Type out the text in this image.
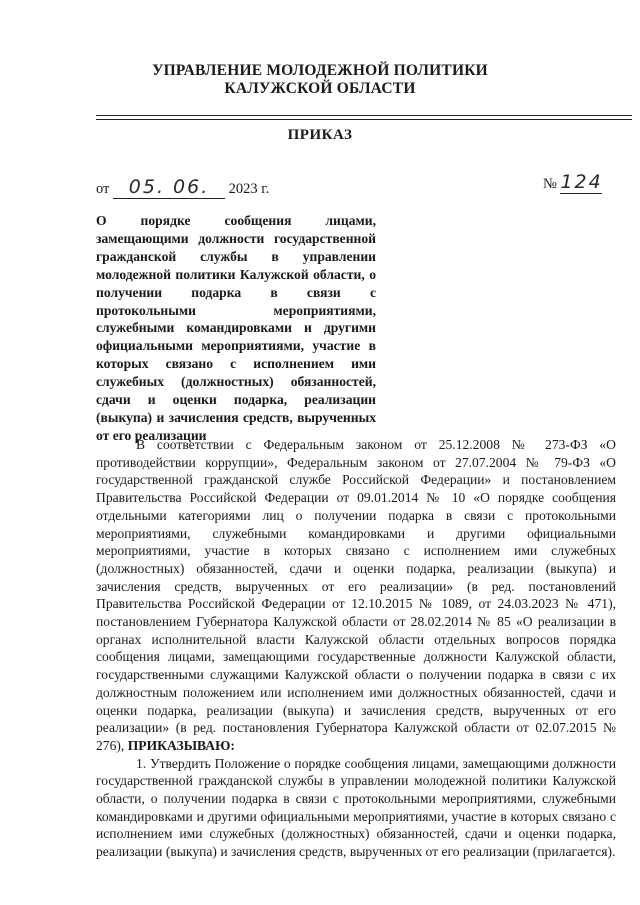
УПРАВЛЕНИЕ МОЛОДЕЖНОЙ ПОЛИТИКИ
КАЛУЖСКОЙ ОБЛАСТИ
ПРИКАЗ
от 05. 06. 2023 г.	№ 124
О порядке сообщения лицами, замещающими должности государственной гражданской службы в управлении молодежной политики Калужской области, о получении подарка в связи с протокольными мероприятиями, служебными командировками и другими официальными мероприятиями, участие в которых связано с исполнением ими служебных (должностных) обязанностей, сдачи и оценки подарка, реализации (выкупа) и зачисления средств, вырученных от его реализации

В соответствии с Федеральным законом от 25.12.2008 № 273-ФЗ «О противодействии коррупции», Федеральным законом от 27.07.2004 № 79-ФЗ «О государственной гражданской службе Российской Федерации» и постановлением Правительства Российской Федерации от 09.01.2014 № 10 «О порядке сообщения отдельными категориями лиц о получении подарка в связи с протокольными мероприятиями, служебными командировками и другими официальными мероприятиями, участие в которых связано с исполнением ими служебных (должностных) обязанностей, сдачи и оценки подарка, реализации (выкупа) и зачисления средств, вырученных от его реализации» (в ред. постановлений Правительства Российской Федерации от 12.10.2015 № 1089, от 24.03.2023 № 471), постановлением Губернатора Калужской области от 28.02.2014 № 85 «О реализации в органах исполнительной власти Калужской области отдельных вопросов порядка сообщения лицами, замещающими государственные должности Калужской области, государственными служащими Калужской области о получении подарка в связи с их должностным положением или исполнением ими должностных обязанностей, сдачи и оценки подарка, реализации (выкупа) и зачисления средств, вырученных от его реализации» (в ред. постановления Губернатора Калужской области от 02.07.2015 № 276), ПРИКАЗЫВАЮ:

1. Утвердить Положение о порядке сообщения лицами, замещающими должности государственной гражданской службы в управлении молодежной политики Калужской области, о получении подарка в связи с протокольными мероприятиями, служебными командировками и другими официальными мероприятиями, участие в которых связано с исполнением ими служебных (должностных) обязанностей, сдачи и оценки подарка, реализации (выкупа) и зачисления средств, вырученных от его реализации (прилагается).
